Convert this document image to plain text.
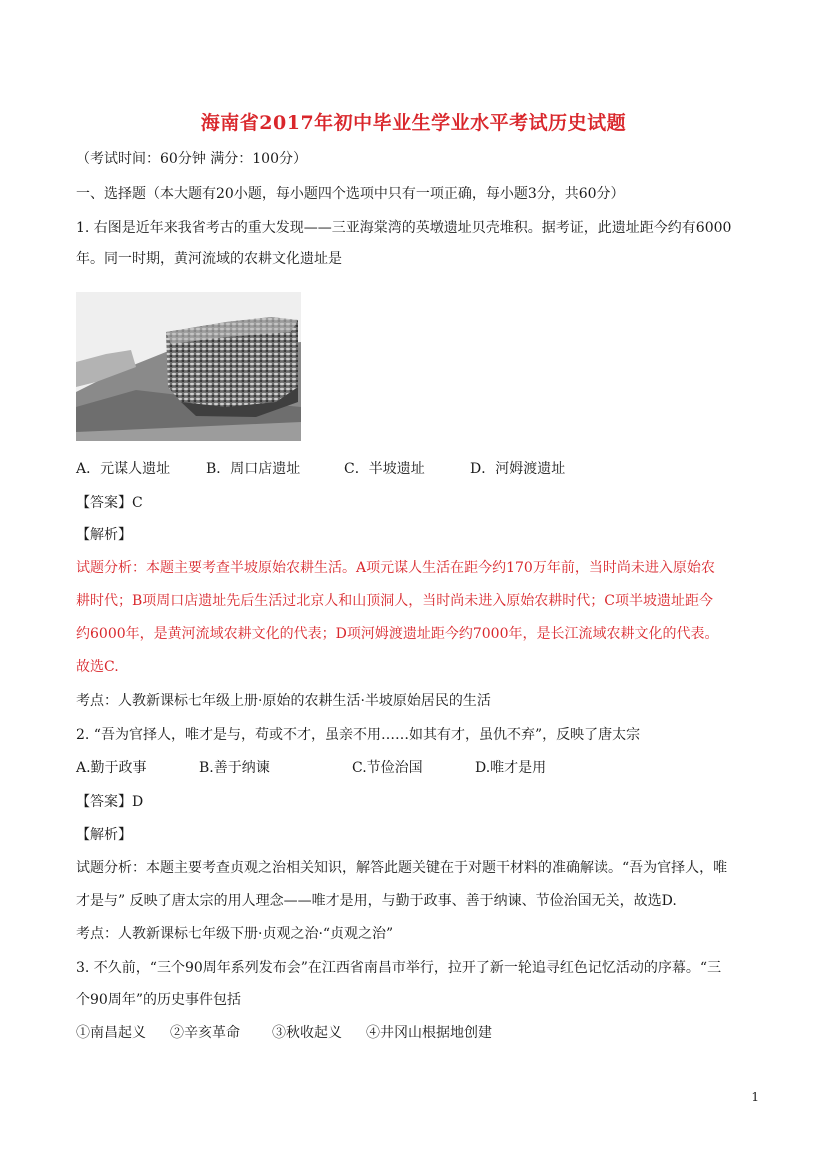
海南省2017年初中毕业生学业水平考试历史试题
（考试时间：60分钟 满分：100分）
一、选择题（本大题有20小题，每小题四个选项中只有一项正确，每小题3分，共60分）
1. 右图是近年来我省考古的重大发现——三亚海棠湾的英墩遗址贝壳堆积。据考证，此遗址距今约有6000
年。同一时期，黄河流域的农耕文化遗址是
A．元谋人遗址	B．周口店遗址	C．半坡遗址	D．河姆渡遗址
【答案】C
【解析】
试题分析：本题主要考查半坡原始农耕生活。A项元谋人生活在距今约170万年前，当时尚未进入原始农
耕时代；B项周口店遗址先后生活过北京人和山顶洞人，当时尚未进入原始农耕时代；C项半坡遗址距今
约6000年，是黄河流域农耕文化的代表；D项河姆渡遗址距今约7000年，是长江流域农耕文化的代表。
故选C.
考点：人教新课标七年级上册·原始的农耕生活·半坡原始居民的生活
2. “吾为官择人，唯才是与，苟或不才，虽亲不用……如其有才，虽仇不弃”，反映了唐太宗
A.勤于政事	B.善于纳谏	C.节俭治国	D.唯才是用
【答案】D
【解析】
试题分析：本题主要考查贞观之治相关知识，解答此题关键在于对题干材料的准确解读。“吾为官择人，唯
才是与” 反映了唐太宗的用人理念——唯才是用，与勤于政事、善于纳谏、节俭治国无关，故选D.
考点：人教新课标七年级下册·贞观之治·“贞观之治”
3. 不久前，“三个90周年系列发布会”在江西省南昌市举行，拉开了新一轮追寻红色记忆活动的序幕。“三
个90周年”的历史事件包括
①南昌起义 ②辛亥革命 ③秋收起义 ④井冈山根据地创建
1
